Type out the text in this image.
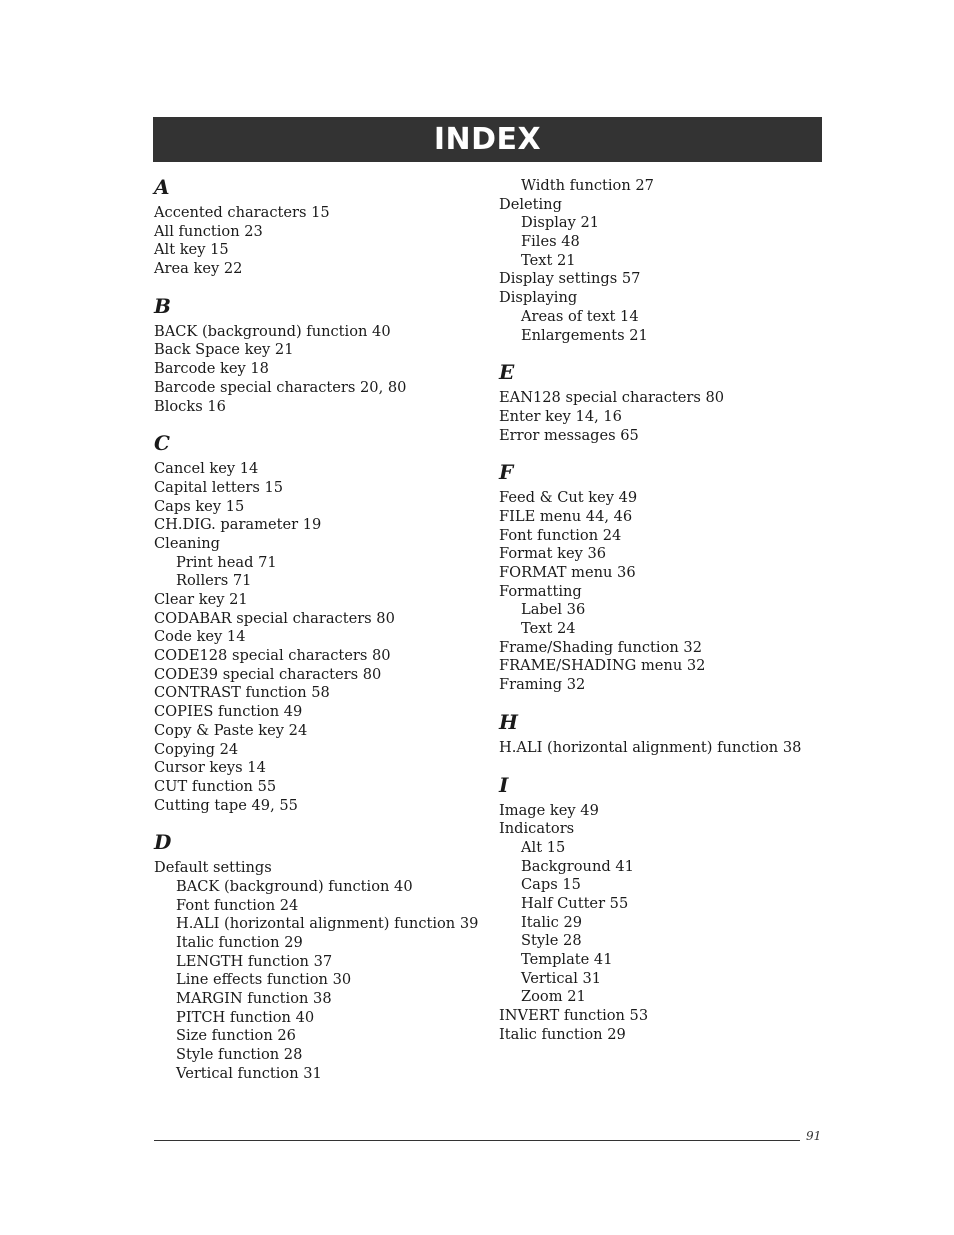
INDEX
A
Accented characters 15
All function 23
Alt key 15
Area key 22
B
BACK (background) function 40
Back Space key 21
Barcode key 18
Barcode special characters 20, 80
Blocks 16
C
Cancel key 14
Capital letters 15
Caps key 15
CH.DIG. parameter 19
Cleaning
Print head 71
Rollers 71
Clear key 21
CODABAR special characters 80
Code key 14
CODE128 special characters 80
CODE39 special characters 80
CONTRAST function 58
COPIES function 49
Copy & Paste key 24
Copying 24
Cursor keys 14
CUT function 55
Cutting tape 49, 55
D
Default settings
BACK (background) function 40
Font function 24
H.ALI (horizontal alignment) function 39
Italic function 29
LENGTH function 37
Line effects function 30
MARGIN function 38
PITCH function 40
Size function 26
Style function 28
Vertical function 31
Width function 27
Deleting
Display 21
Files 48
Text 21
Display settings 57
Displaying
Areas of text 14
Enlargements 21
E
EAN128 special characters 80
Enter key 14, 16
Error messages 65
F
Feed & Cut key 49
FILE menu 44, 46
Font function 24
Format key 36
FORMAT menu 36
Formatting
Label 36
Text 24
Frame/Shading function 32
FRAME/SHADING menu 32
Framing 32
H
H.ALI (horizontal alignment) function 38
I
Image key 49
Indicators
Alt 15
Background 41
Caps 15
Half Cutter 55
Italic 29
Style 28
Template 41
Vertical 31
Zoom 21
INVERT function 53
Italic function 29
91
